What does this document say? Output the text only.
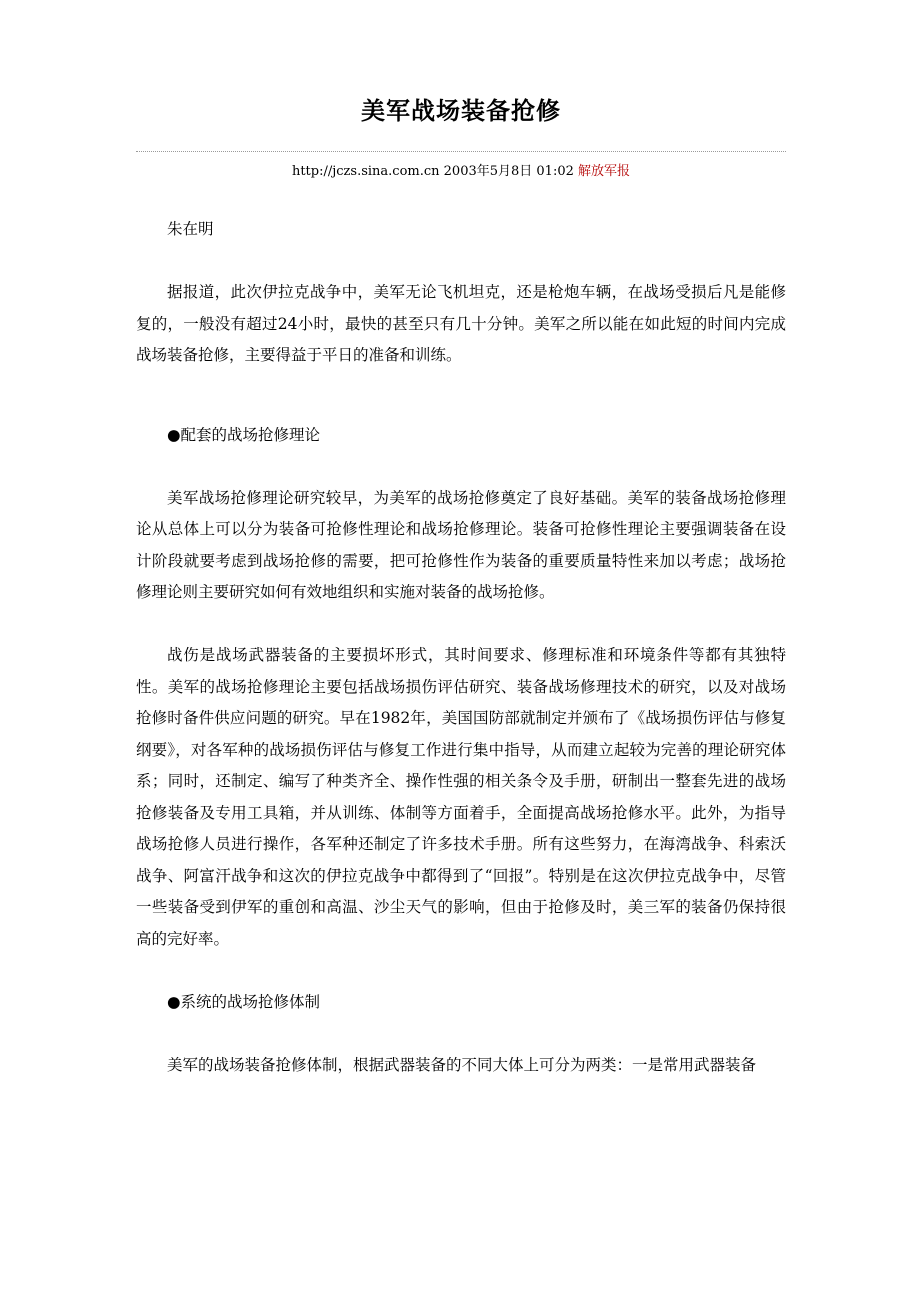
美军战场装备抢修
http://jczs.sina.com.cn 2003年5月8日 01:02 解放军报

朱在明

据报道，此次伊拉克战争中，美军无论飞机坦克，还是枪炮车辆，在战场受损后凡是能修复的，一般没有超过24小时，最快的甚至只有几十分钟。美军之所以能在如此短的时间内完成战场装备抢修，主要得益于平日的准备和训练。

●配套的战场抢修理论

美军战场抢修理论研究较早，为美军的战场抢修奠定了良好基础。美军的装备战场抢修理论从总体上可以分为装备可抢修性理论和战场抢修理论。装备可抢修性理论主要强调装备在设计阶段就要考虑到战场抢修的需要，把可抢修性作为装备的重要质量特性来加以考虑；战场抢修理论则主要研究如何有效地组织和实施对装备的战场抢修。

战伤是战场武器装备的主要损坏形式，其时间要求、修理标准和环境条件等都有其独特性。美军的战场抢修理论主要包括战场损伤评估研究、装备战场修理技术的研究，以及对战场抢修时备件供应问题的研究。早在1982年，美国国防部就制定并颁布了《战场损伤评估与修复纲要》，对各军种的战场损伤评估与修复工作进行集中指导，从而建立起较为完善的理论研究体系；同时，还制定、编写了种类齐全、操作性强的相关条令及手册，研制出一整套先进的战场抢修装备及专用工具箱，并从训练、体制等方面着手，全面提高战场抢修水平。此外，为指导战场抢修人员进行操作，各军种还制定了许多技术手册。所有这些努力，在海湾战争、科索沃战争、阿富汗战争和这次的伊拉克战争中都得到了“回报”。特别是在这次伊拉克战争中，尽管一些装备受到伊军的重创和高温、沙尘天气的影响，但由于抢修及时，美三军的装备仍保持很高的完好率。

●系统的战场抢修体制

美军的战场装备抢修体制，根据武器装备的不同大体上可分为两类：一是常用武器装备
